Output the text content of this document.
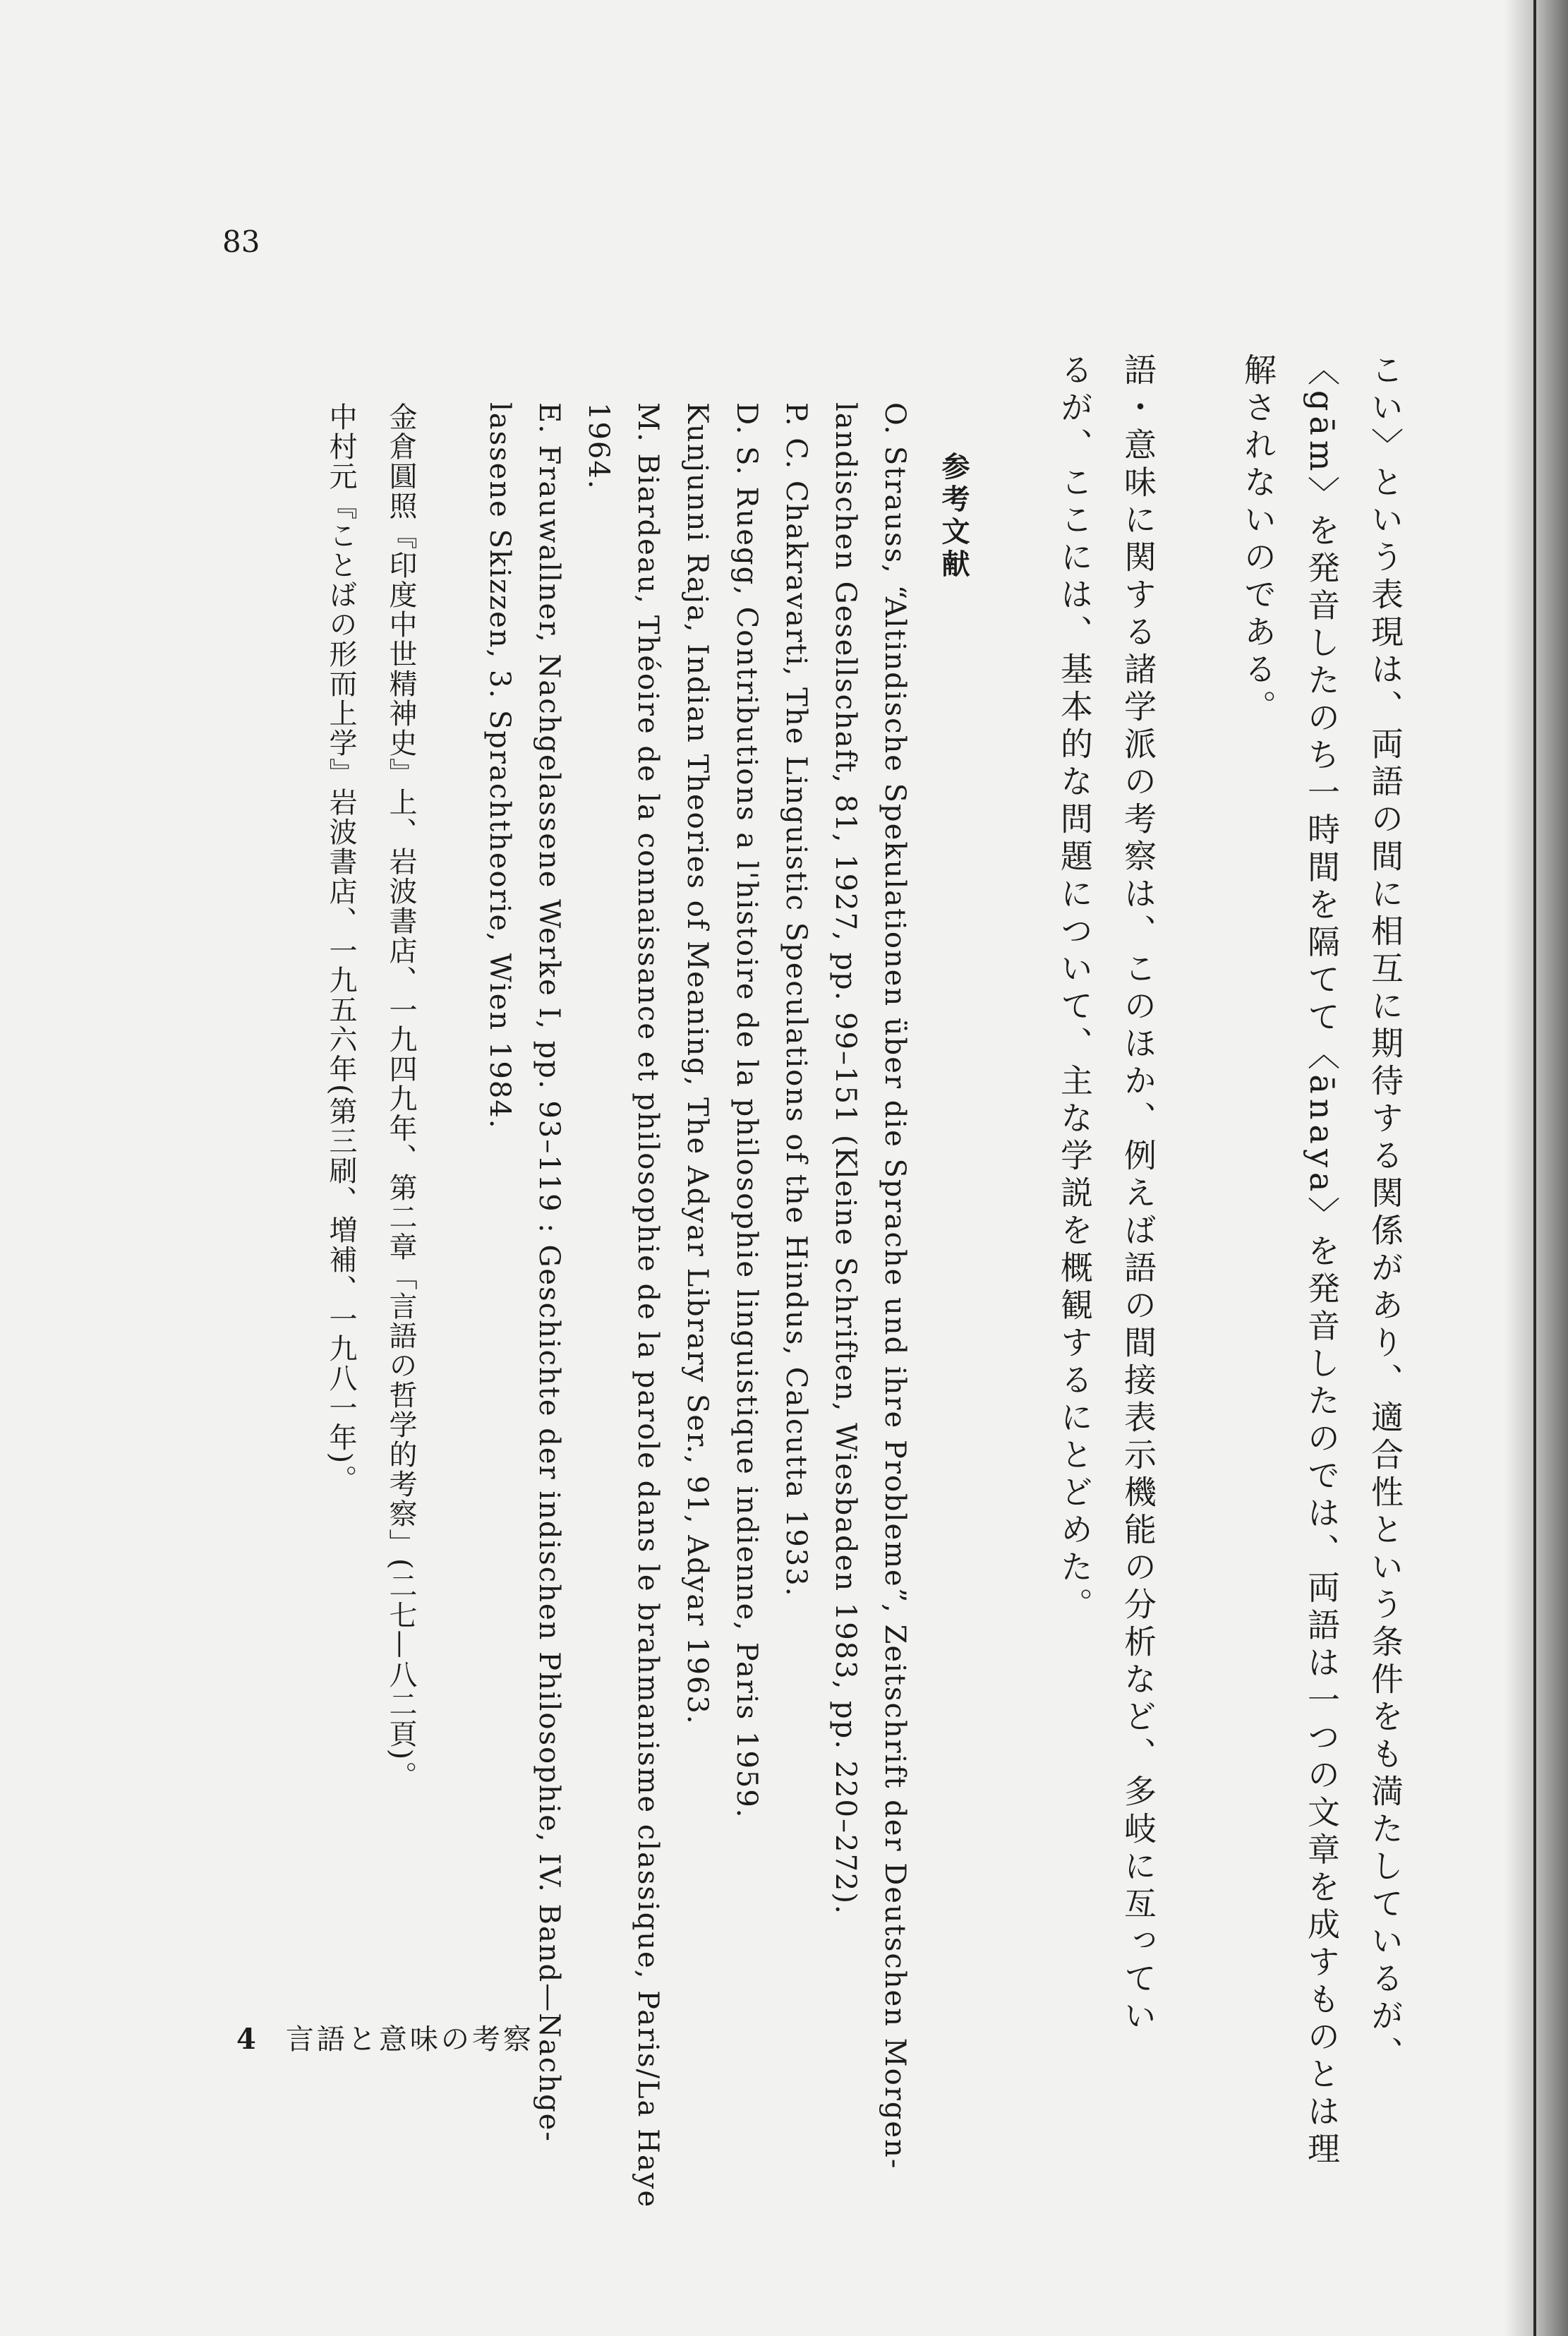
83
こい〉という表現は、両語の間に相互に期待する関係があり、適合性という条件をも満たしているが、
〈gām〉を発音したのち一時間を隔てて〈ānaya〉を発音したのでは、両語は一つの文章を成すものとは理
解されないのである。
語・意味に関する諸学派の考察は、このほか、例えば語の間接表示機能の分析など、多岐に亙ってい
るが、ここには、基本的な問題について、主な学説を概観するにとどめた。
参考文献
O. Strauss, “Altindische Spekulationen über die Sprache und ihre Probleme”, Zeitschrift der Deutschen Morgen-
landischen Gesellschaft, 81, 1927, pp. 99–151 (Kleine Schriften, Wiesbaden 1983, pp. 220–272).
P. C. Chakravarti, The Linguistic Speculations of the Hindus, Calcutta 1933.
D. S. Ruegg, Contributions a l'histoire de la philosophie linguistique indienne, Paris 1959.
Kunjunni Raja, Indian Theories of Meaning, The Adyar Library Ser., 91, Adyar 1963.
M. Biardeau, Théoire de la connaissance et philosophie de la parole dans le brahmanisme classique, Paris/La Haye
1964.
E. Frauwallner, Nachgelassene Werke I, pp. 93–119 : Geschichte der indischen Philosophie, IV. Band—Nachge-
lassene Skizzen, 3. Sprachtheorie, Wien 1984.
金倉圓照『印度中世精神史』上、岩波書店、一九四九年、第二章「言語の哲学的考察」(二七—八二頁)。
中村元『ことばの形而上学』岩波書店、一九五六年(第三刷、増補、一九八一年)。
4 言語と意味の考察
